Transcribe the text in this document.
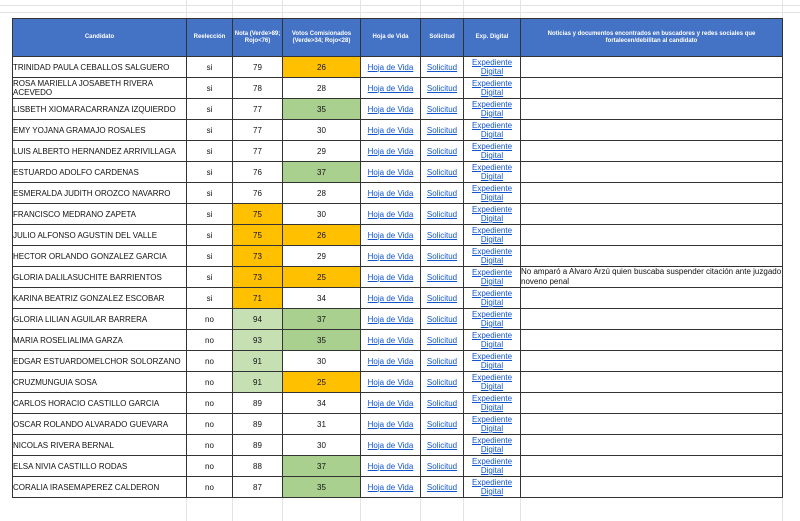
Candidato	Reelección	Nota (Verde>89; Rojo<76)	Votos Comisionados (Verde>34; Rojo<28)	Hoja de Vida	Solicitud	Exp. Digital	Noticias y documentos encontrados en buscadores y redes sociales que fortalecen/debilitan al candidato
TRINIDAD PAULA CEBALLOS SALGUERO	si	79	26	Hoja de Vida	Solicitud	Expediente Digital	

ROSA MARIELLA JOSABETH RIVERA ACEVEDO	si	78	28	Hoja de Vida	Solicitud	Expediente Digital	

LISBETH XIOMARACARRANZA IZQUIERDO	si	77	35	Hoja de Vida	Solicitud	Expediente Digital	

EMY YOJANA GRAMAJO ROSALES	si	77	30	Hoja de Vida	Solicitud	Expediente Digital	

LUIS ALBERTO HERNANDEZ ARRIVILLAGA	si	77	29	Hoja de Vida	Solicitud	Expediente Digital	

ESTUARDO ADOLFO CARDENAS	si	76	37	Hoja de Vida	Solicitud	Expediente Digital	

ESMERALDA JUDITH OROZCO NAVARRO	si	76	28	Hoja de Vida	Solicitud	Expediente Digital	

FRANCISCO MEDRANO ZAPETA	si	75	30	Hoja de Vida	Solicitud	Expediente Digital	

JULIO ALFONSO AGUSTIN DEL VALLE	si	75	26	Hoja de Vida	Solicitud	Expediente Digital	

HECTOR ORLANDO GONZALEZ GARCIA	si	73	29	Hoja de Vida	Solicitud	Expediente Digital	

GLORIA DALILASUCHITE BARRIENTOS	si	73	25	Hoja de Vida	Solicitud	Expediente Digital	No amparó a Alvaro Arzú quien buscaba suspender citación ante juzgado noveno penal
KARINA BEATRIZ GONZALEZ ESCOBAR	si	71	34	Hoja de Vida	Solicitud	Expediente Digital	

GLORIA LILIAN AGUILAR BARRERA	no	94	37	Hoja de Vida	Solicitud	Expediente Digital	

MARIA ROSELIALIMA GARZA	no	93	35	Hoja de Vida	Solicitud	Expediente Digital	

EDGAR ESTUARDOMELCHOR SOLORZANO	no	91	30	Hoja de Vida	Solicitud	Expediente Digital	

CRUZMUNGUIA SOSA	no	91	25	Hoja de Vida	Solicitud	Expediente Digital	

CARLOS HORACIO CASTILLO GARCIA	no	89	34	Hoja de Vida	Solicitud	Expediente Digital	

OSCAR ROLANDO ALVARADO GUEVARA	no	89	31	Hoja de Vida	Solicitud	Expediente Digital	

NICOLAS RIVERA BERNAL	no	89	30	Hoja de Vida	Solicitud	Expediente Digital	

ELSA NIVIA CASTILLO RODAS	no	88	37	Hoja de Vida	Solicitud	Expediente Digital	

CORALIA IRASEMAPEREZ CALDERON	no	87	35	Hoja de Vida	Solicitud	Expediente Digital	
